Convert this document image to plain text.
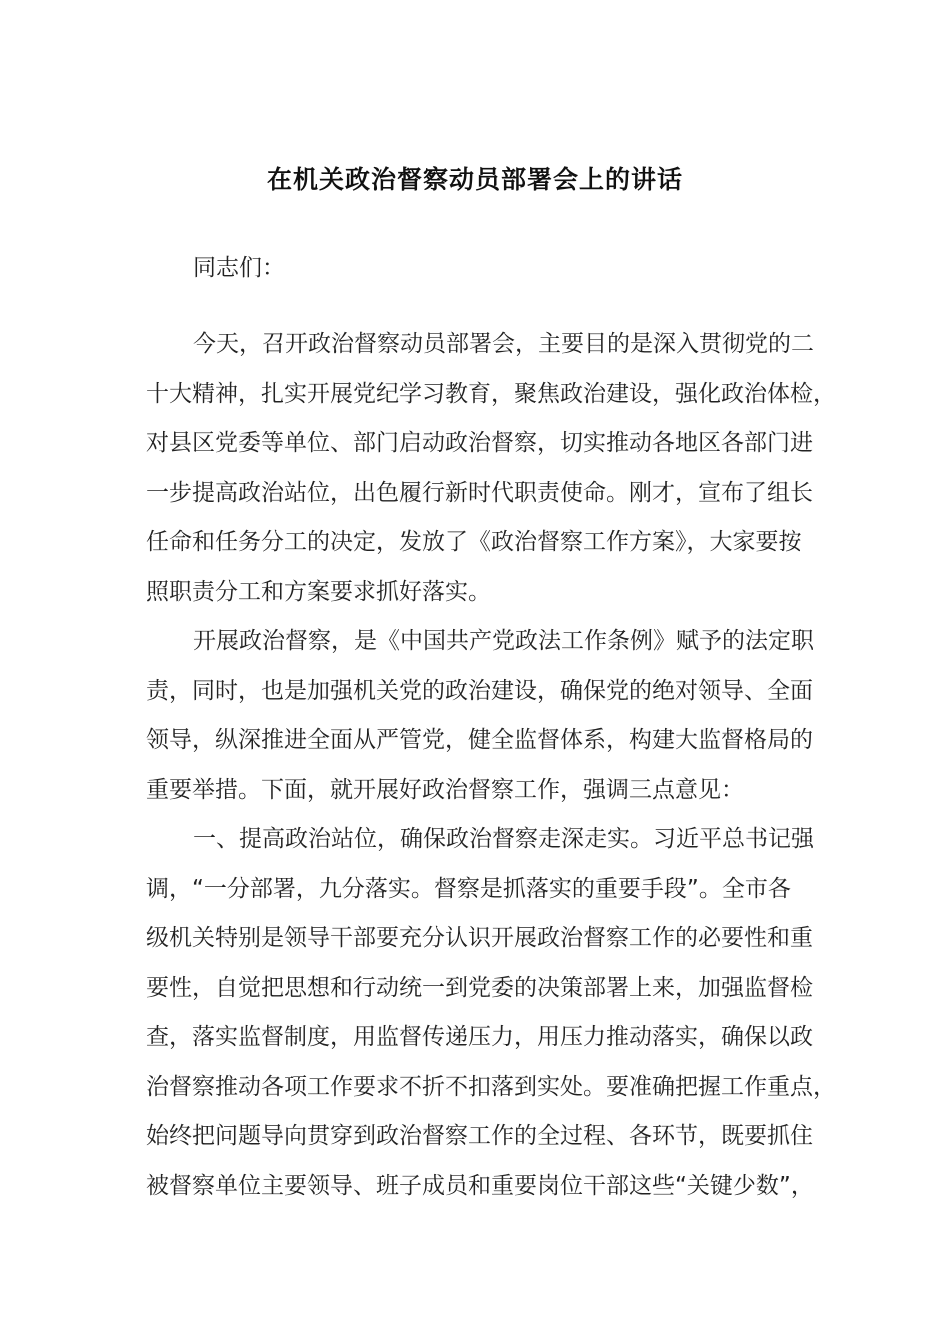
在机关政治督察动员部署会上的讲话
同志们：
今天，召开政治督察动员部署会，主要目的是深入贯彻党的二
十大精神，扎实开展党纪学习教育，聚焦政治建设，强化政治体检，
对县区党委等单位、部门启动政治督察，切实推动各地区各部门进
一步提高政治站位，出色履行新时代职责使命。刚才，宣布了组长
任命和任务分工的决定，发放了《政治督察工作方案》，大家要按
照职责分工和方案要求抓好落实。
开展政治督察，是《中国共产党政法工作条例》赋予的法定职
责，同时，也是加强机关党的政治建设，确保党的绝对领导、全面
领导，纵深推进全面从严管党，健全监督体系，构建大监督格局的
重要举措。下面，就开展好政治督察工作，强调三点意见：
一、提高政治站位，确保政治督察走深走实。习近平总书记强
调，“一分部署，九分落实。督察是抓落实的重要手段”。全市各
级机关特别是领导干部要充分认识开展政治督察工作的必要性和重
要性，自觉把思想和行动统一到党委的决策部署上来，加强监督检
查，落实监督制度，用监督传递压力，用压力推动落实，确保以政
治督察推动各项工作要求不折不扣落到实处。要准确把握工作重点，
始终把问题导向贯穿到政治督察工作的全过程、各环节，既要抓住
被督察单位主要领导、班子成员和重要岗位干部这些“关键少数”，
